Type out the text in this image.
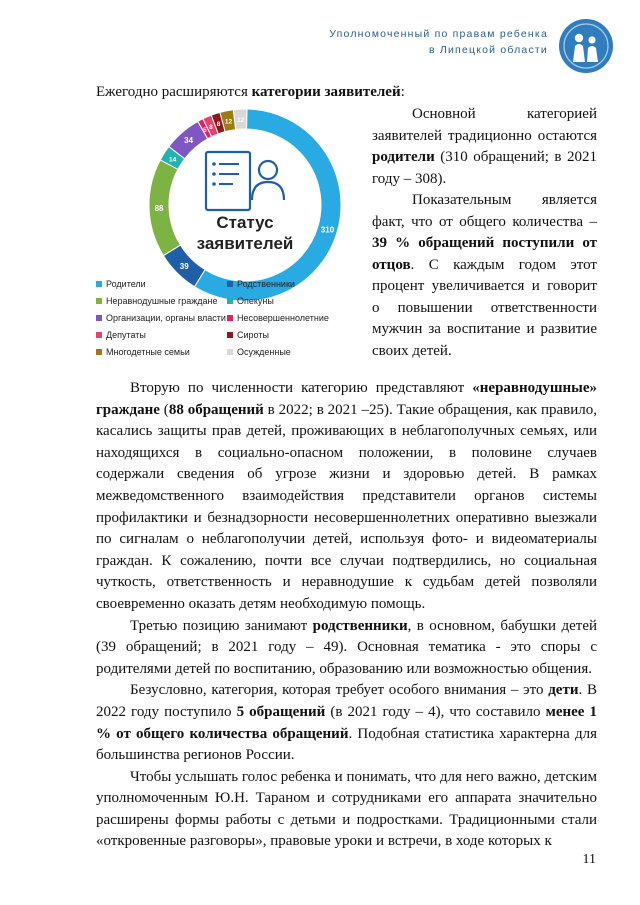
Уполномоченный по правам ребенка
в Липецкой области
Ежегодно расширяются категории заявителей:
310
39
88
14
34
5 8 8 12 12
Статус
заявителей
Родители	Родственники
Неравнодушные граждане Опекуны
Организации, органы власти Несовершеннолетние
Депутаты	Сироты
Многодетные семьи	Осужденные

Основной категорией заявителей традиционно остаются родители (310 обращений; в 2021 году – 308).

Показательным является факт, что от общего количества – 39 % обращений поступили от отцов. С каждым годом этот процент увеличивается и говорит о повышении ответственности мужчин за воспитание и развитие своих детей.

Вторую по численности категорию представляют «неравнодушные» граждане (88 обращений в 2022; в 2021 –25). Такие обращения, как правило, касались защиты прав детей, проживающих в неблагополучных семьях, или находящихся в социально-опасном положении, в половине случаев содержали сведения об угрозе жизни и здоровью детей. В рамках межведомственного взаимодействия представители органов системы профилактики и безнадзорности несовершеннолетних оперативно выезжали по сигналам о неблагополучии детей, используя фото- и видеоматериалы граждан. К сожалению, почти все случаи подтвердились, но социальная чуткость, ответственность и неравнодушие к судьбам детей позволяли своевременно оказать детям необходимую помощь.

Третью позицию занимают родственники, в основном, бабушки детей (39 обращений; в 2021 году – 49). Основная тематика - это споры с родителями детей по воспитанию, образованию или возможностью общения.

Безусловно, категория, которая требует особого внимания – это дети. В 2022 году поступило 5 обращений (в 2021 году – 4), что составило менее 1 % от общего количества обращений. Подобная статистика характерна для большинства регионов России.

Чтобы услышать голос ребенка и понимать, что для него важно, детским уполномоченным Ю.Н. Тараном и сотрудниками его аппарата значительно расширены формы работы с детьми и подростками. Традиционными стали «откровенные разговоры», правовые уроки и встречи, в ходе которых к

11
